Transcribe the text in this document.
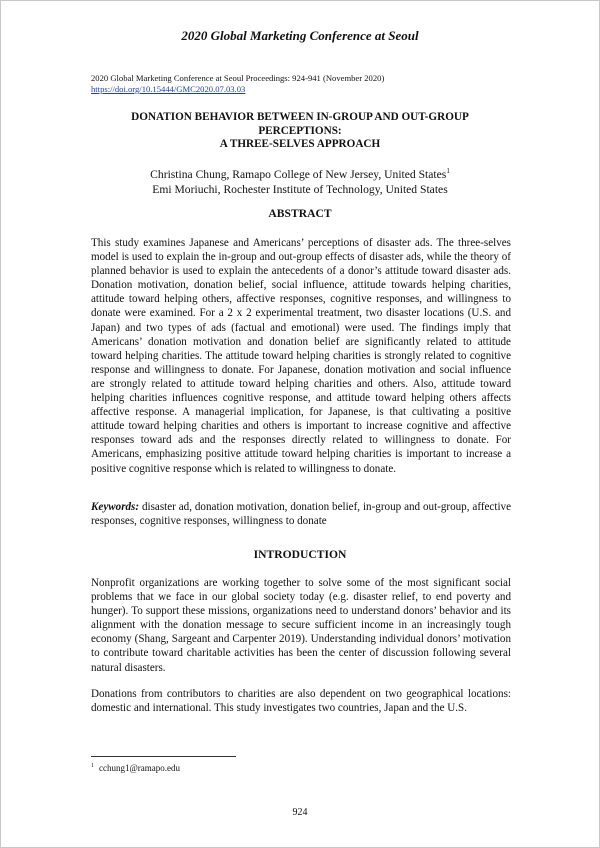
2020 Global Marketing Conference at Seoul
2020 Global Marketing Conference at Seoul Proceedings: 924-941 (November 2020)
https://doi.org/10.15444/GMC2020.07.03.03
DONATION BEHAVIOR BETWEEN IN-GROUP AND OUT-GROUP
PERCEPTIONS:
A THREE-SELVES APPROACH
Christina Chung, Ramapo College of New Jersey, United States$^1$
Emi Moriuchi, Rochester Institute of Technology, United States
ABSTRACT
This study examines Japanese and Americans’ perceptions of disaster ads. The three-selves model is used to explain the in-group and out-group effects of disaster ads, while the theory of planned behavior is used to explain the antecedents of a donor’s attitude toward disaster ads. Donation motivation, donation belief, social influence, attitude towards helping charities, attitude toward helping others, affective responses, cognitive responses, and willingness to donate were examined. For a 2 x 2 experimental treatment, two disaster locations (U.S. and Japan) and two types of ads (factual and emotional) were used. The findings imply that Americans’ donation motivation and donation belief are significantly related to attitude toward helping charities. The attitude toward helping charities is strongly related to cognitive response and willingness to donate. For Japanese, donation motivation and social influence are strongly related to attitude toward helping charities and others. Also, attitude toward helping charities influences cognitive response, and attitude toward helping others affects affective response. A managerial implication, for Japanese, is that cultivating a positive attitude toward helping charities and others is important to increase cognitive and affective responses toward ads and the responses directly related to willingness to donate. For Americans, emphasizing positive attitude toward helping charities is important to increase a positive cognitive response which is related to willingness to donate.
Keywords: disaster ad, donation motivation, donation belief, in-group and out-group, affective responses, cognitive responses, willingness to donate
INTRODUCTION
Nonprofit organizations are working together to solve some of the most significant social problems that we face in our global society today (e.g. disaster relief, to end poverty and hunger). To support these missions, organizations need to understand donors’ behavior and its alignment with the donation message to secure sufficient income in an increasingly tough economy (Shang, Sargeant and Carpenter 2019). Understanding individual donors’ motivation to contribute toward charitable activities has been the center of discussion following several natural disasters.
Donations from contributors to charities are also dependent on two geographical locations: domestic and international. This study investigates two countries, Japan and the U.S.
$^1$ cchung1@ramapo.edu
924
